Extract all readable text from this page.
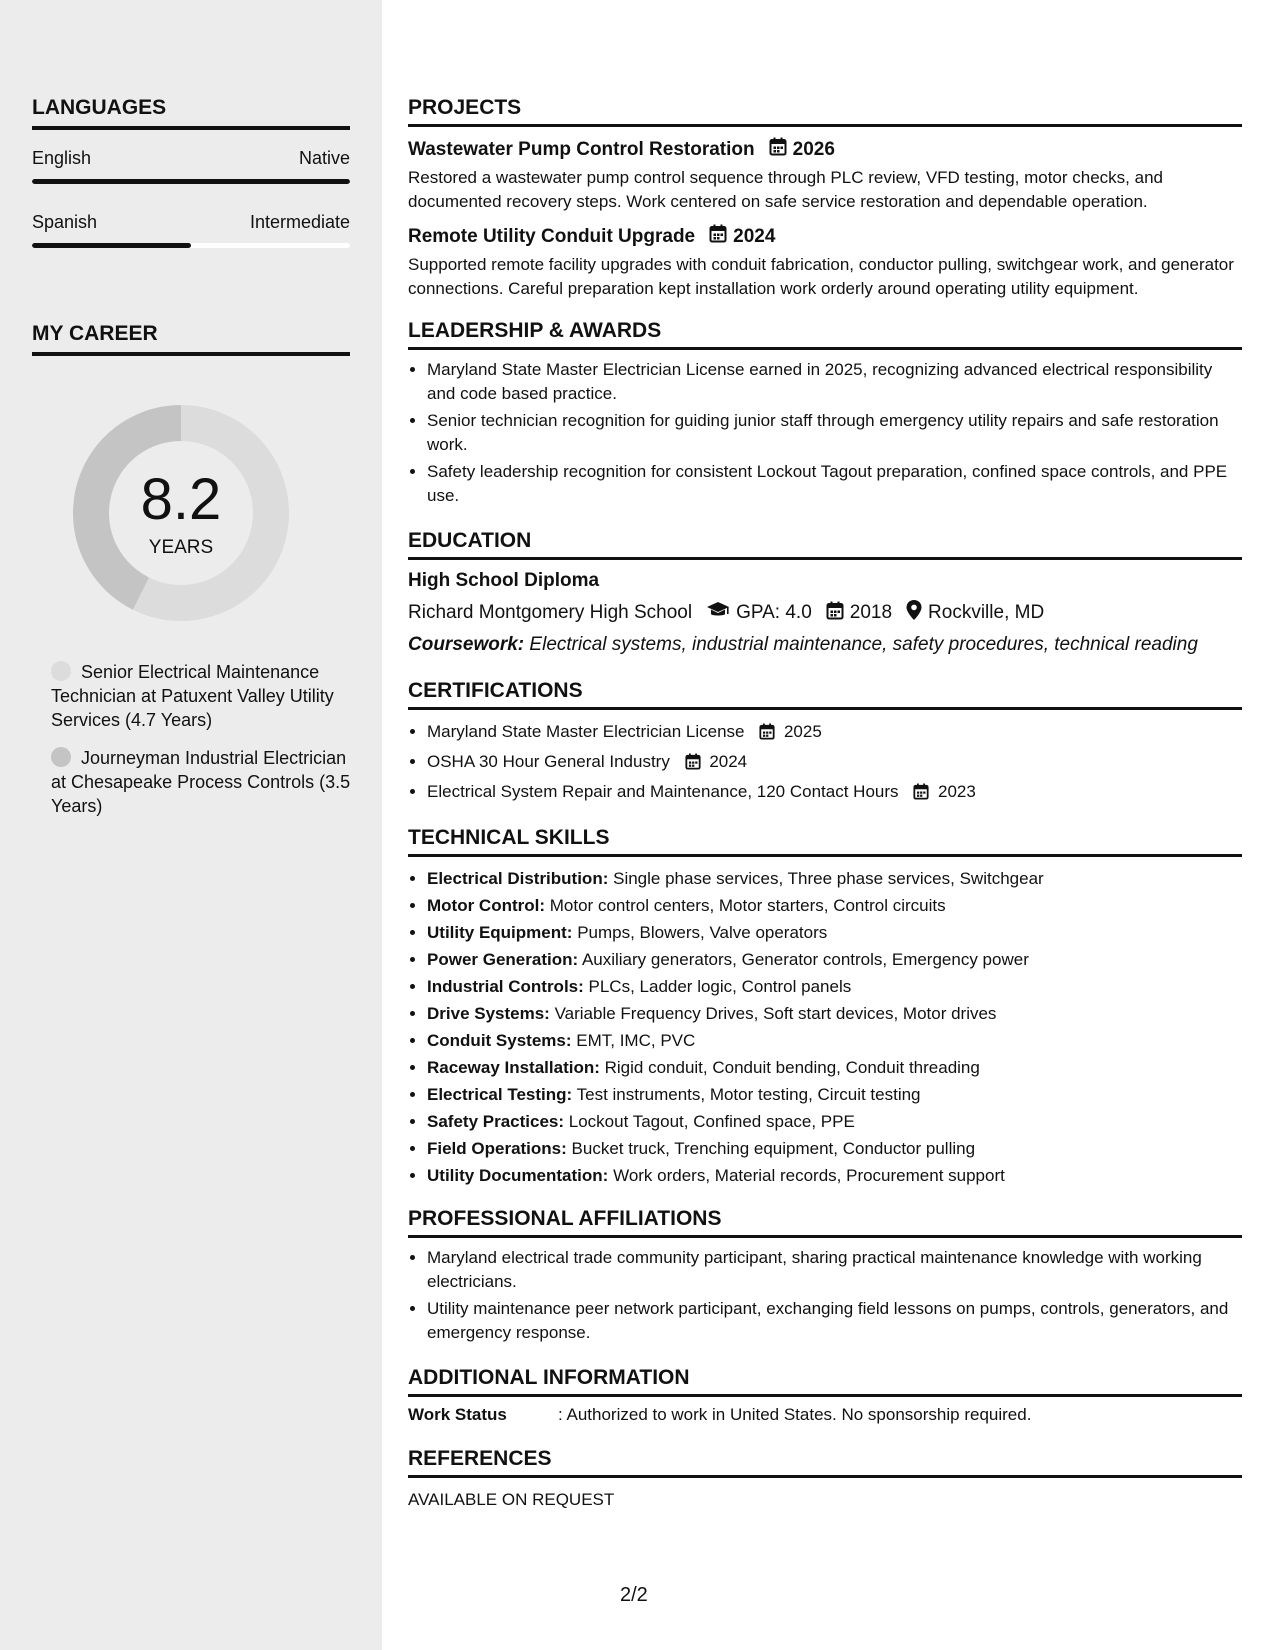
LANGUAGES
English	Native
Spanish	Intermediate
MY CAREER
8.2
YEARS
Senior Electrical Maintenance Technician at Patuxent Valley Utility Services (4.7 Years)
Journeyman Industrial Electrician at Chesapeake Process Controls (3.5 Years)
PROJECTS
Wastewater Pump Control Restoration 2026
Restored a wastewater pump control sequence through PLC review, VFD testing, motor checks, and documented recovery steps. Work centered on safe service restoration and dependable operation.
Remote Utility Conduit Upgrade 2024
Supported remote facility upgrades with conduit fabrication, conductor pulling, switchgear work, and generator connections. Careful preparation kept installation work orderly around operating utility equipment.
LEADERSHIP & AWARDS
• Maryland State Master Electrician License earned in 2025, recognizing advanced electrical responsibility and code based practice.
• Senior technician recognition for guiding junior staff through emergency utility repairs and safe restoration work.
• Safety leadership recognition for consistent Lockout Tagout preparation, confined space controls, and PPE use.
EDUCATION
High School Diploma
Richard Montgomery High School GPA: 4.0 2018 Rockville, MD
Coursework: Electrical systems, industrial maintenance, safety procedures, technical reading
CERTIFICATIONS
• Maryland State Master Electrician License 2025
• OSHA 30 Hour General Industry 2024
• Electrical System Repair and Maintenance, 120 Contact Hours 2023
TECHNICAL SKILLS
• Electrical Distribution: Single phase services, Three phase services, Switchgear
• Motor Control: Motor control centers, Motor starters, Control circuits
• Utility Equipment: Pumps, Blowers, Valve operators
• Power Generation: Auxiliary generators, Generator controls, Emergency power
• Industrial Controls: PLCs, Ladder logic, Control panels
• Drive Systems: Variable Frequency Drives, Soft start devices, Motor drives
• Conduit Systems: EMT, IMC, PVC
• Raceway Installation: Rigid conduit, Conduit bending, Conduit threading
• Electrical Testing: Test instruments, Motor testing, Circuit testing
• Safety Practices: Lockout Tagout, Confined space, PPE
• Field Operations: Bucket truck, Trenching equipment, Conductor pulling
• Utility Documentation: Work orders, Material records, Procurement support
PROFESSIONAL AFFILIATIONS
• Maryland electrical trade community participant, sharing practical maintenance knowledge with working electricians.
• Utility maintenance peer network participant, exchanging field lessons on pumps, controls, generators, and emergency response.
ADDITIONAL INFORMATION
Work Status	: Authorized to work in United States. No sponsorship required.
REFERENCES
AVAILABLE ON REQUEST
2/2
